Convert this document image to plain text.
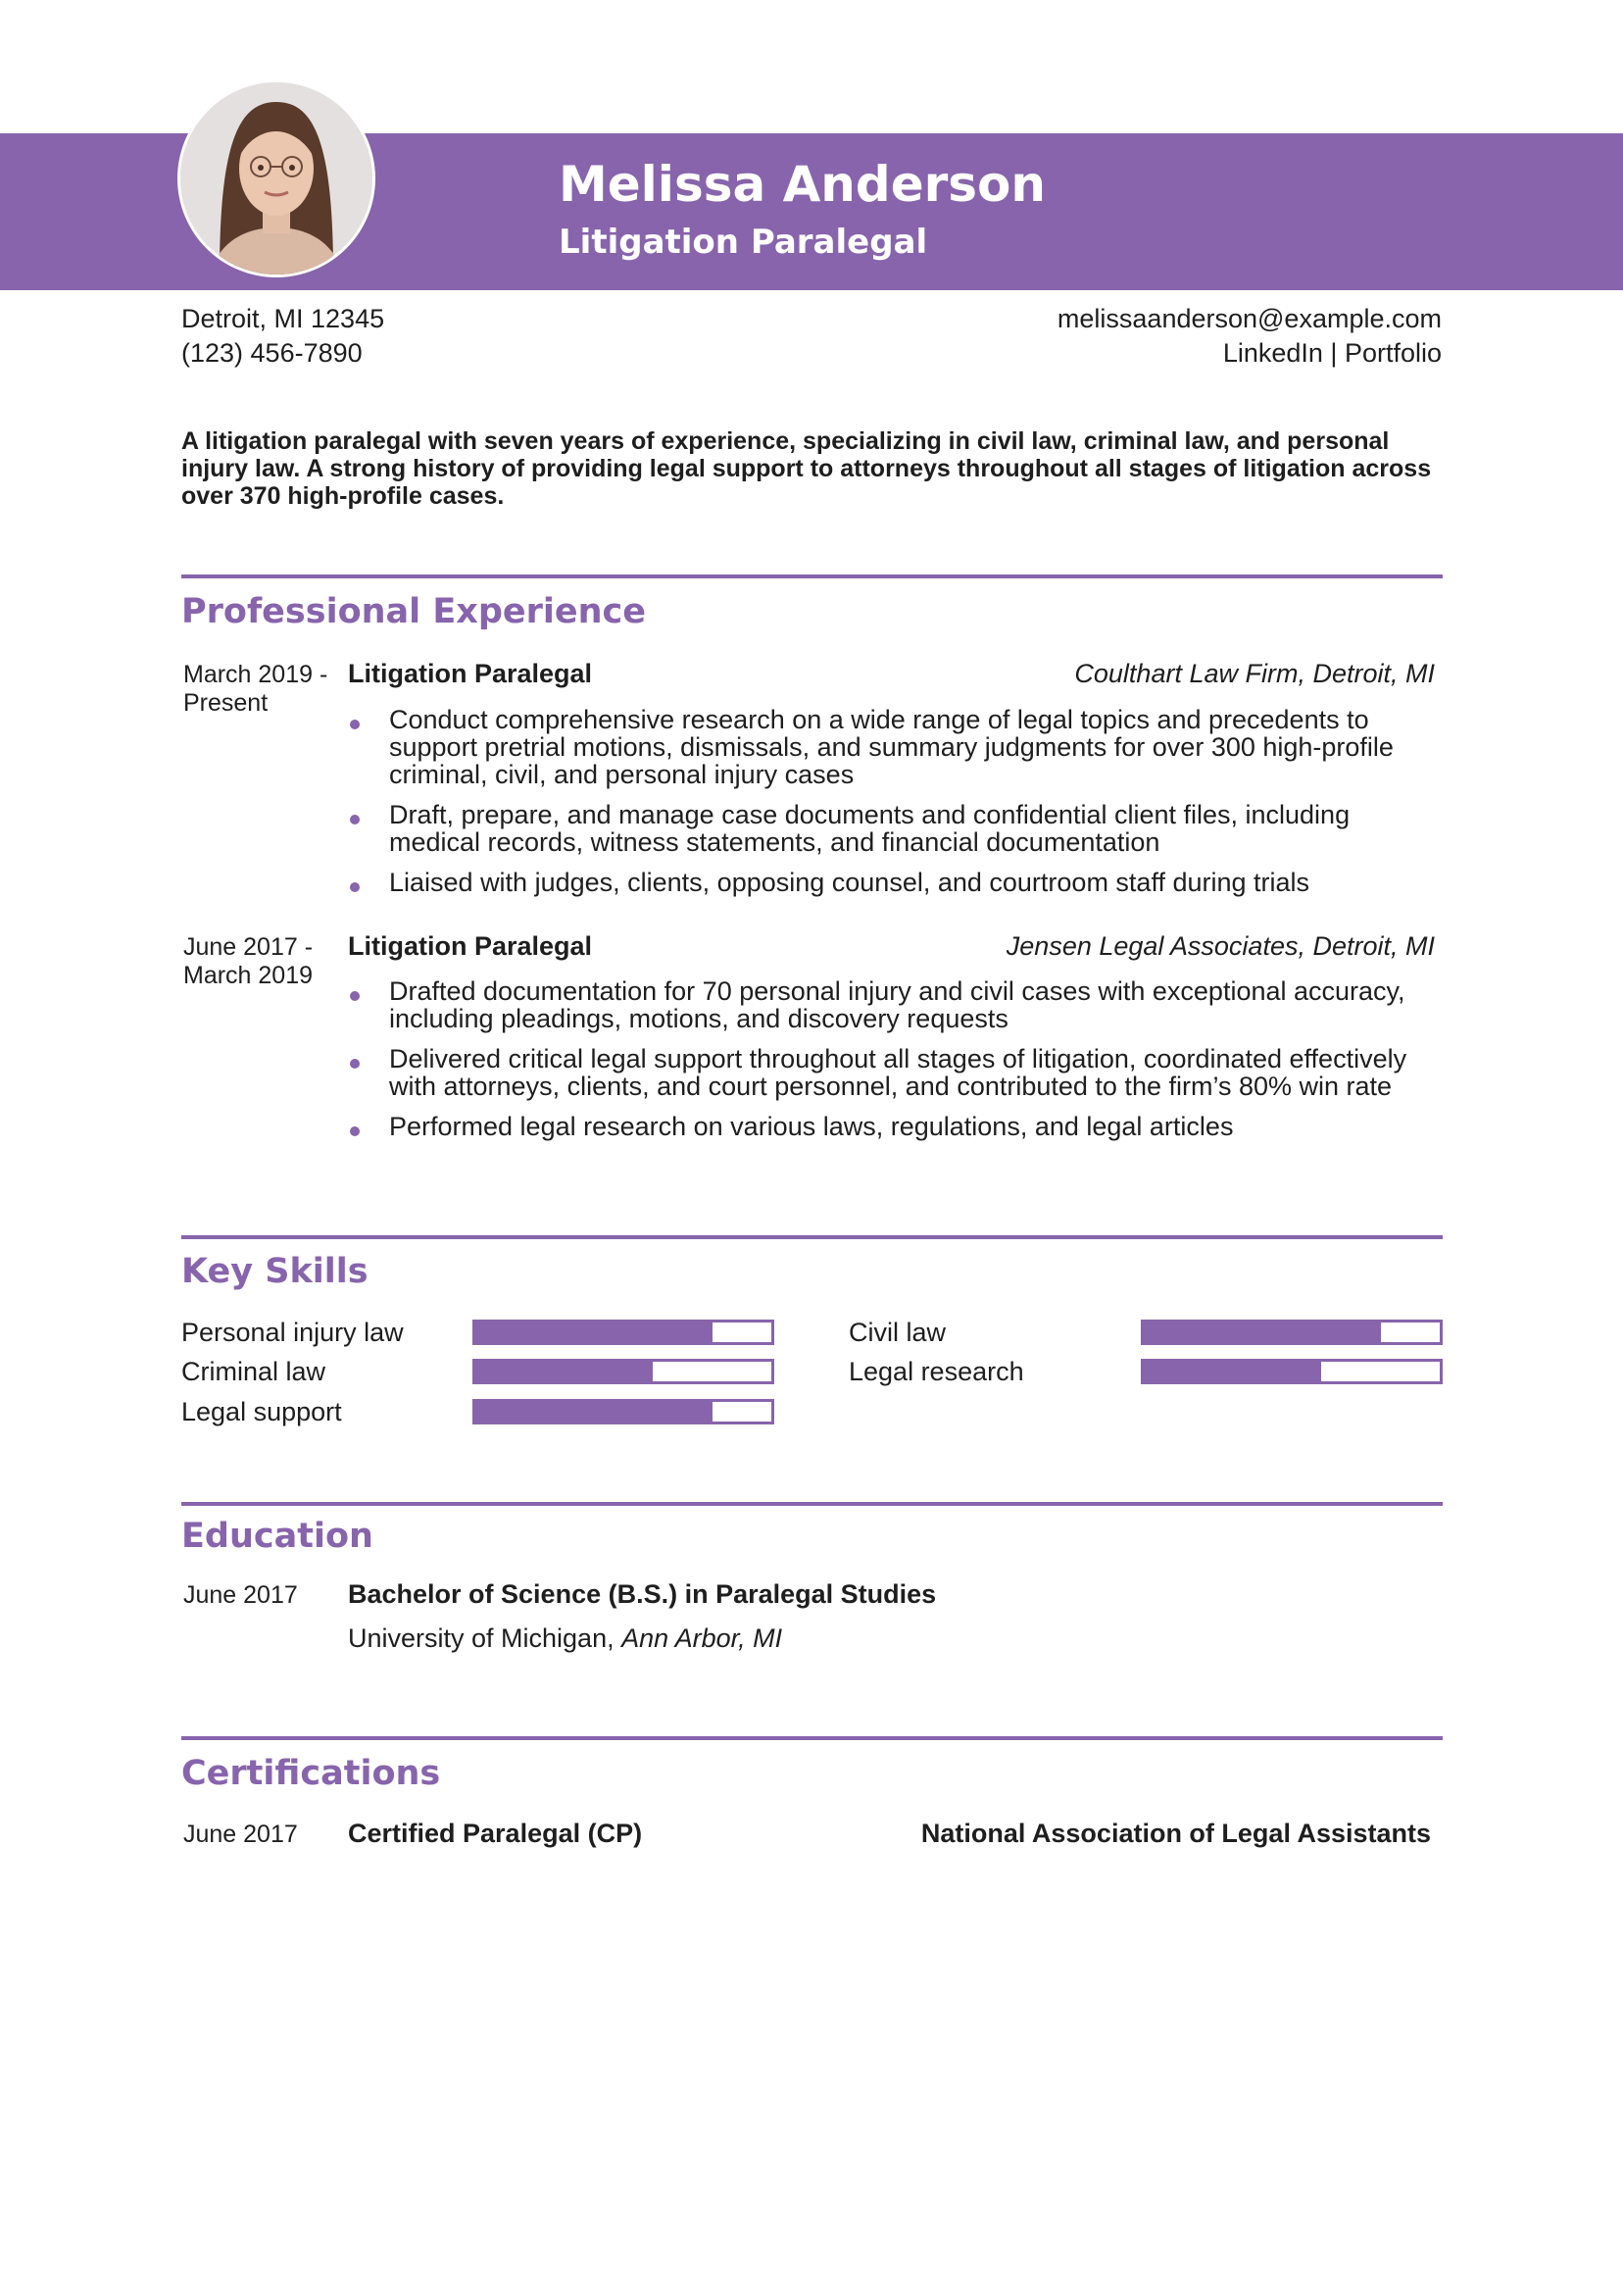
Melissa Anderson
Litigation Paralegal
Detroit, MI 12345
(123) 456-7890
melissaanderson@example.com
LinkedIn | Portfolio
A litigation paralegal with seven years of experience, specializing in civil law, criminal law, and personal injury law. A strong history of providing legal support to attorneys throughout all stages of litigation across over 370 high-profile cases.
Professional Experience
March 2019 - Present
Litigation Paralegal	Coulthart Law Firm, Detroit, MI
Conduct comprehensive research on a wide range of legal topics and precedents to support pretrial motions, dismissals, and summary judgments for over 300 high-profile criminal, civil, and personal injury cases
Draft, prepare, and manage case documents and confidential client files, including medical records, witness statements, and financial documentation
Liaised with judges, clients, opposing counsel, and courtroom staff during trials
June 2017 - March 2019
Litigation Paralegal	Jensen Legal Associates, Detroit, MI
Drafted documentation for 70 personal injury and civil cases with exceptional accuracy, including pleadings, motions, and discovery requests
Delivered critical legal support throughout all stages of litigation, coordinated effectively with attorneys, clients, and court personnel, and contributed to the firm’s 80% win rate
Performed legal research on various laws, regulations, and legal articles
Key Skills
Personal injury law	Civil law
Criminal law	Legal research
Legal support
Education
June 2017	Bachelor of Science (B.S.) in Paralegal Studies
University of Michigan, Ann Arbor, MI
Certifications
June 2017	Certified Paralegal (CP)	National Association of Legal Assistants
